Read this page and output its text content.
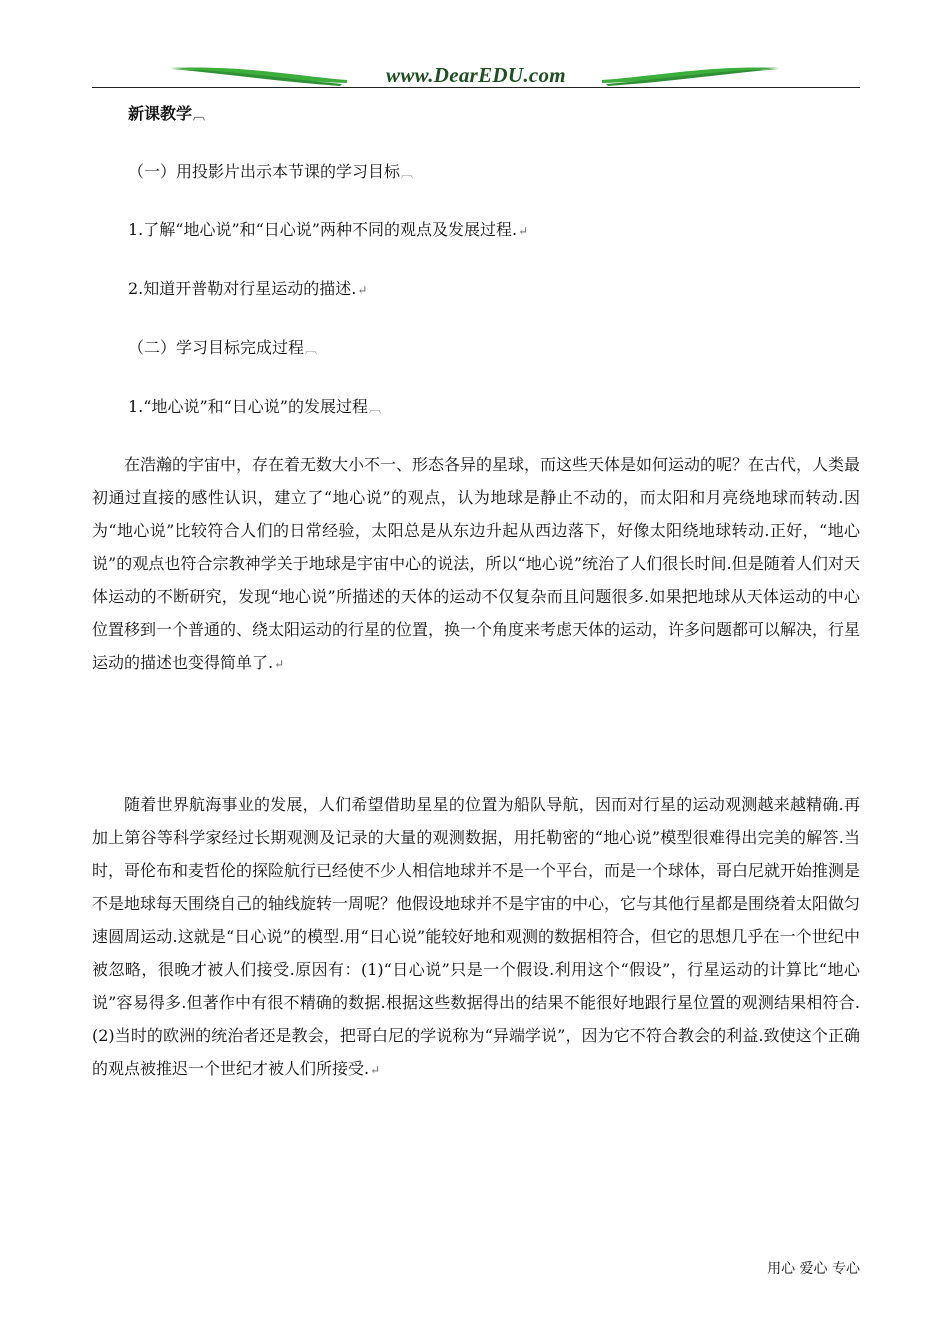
www.DearEDU.com
新课教学︹
（一）用投影片出示本节课的学习目标︹
1.了解“地心说”和“日心说”两种不同的观点及发展过程.↵
2.知道开普勒对行星运动的描述.↵
（二）学习目标完成过程︹
1.“地心说”和“日心说”的发展过程︹

在浩瀚的宇宙中，存在着无数大小不一、形态各异的星球，而这些天体是如何运动的呢？在古代，人类最初通过直接的感性认识，建立了“地心说”的观点，认为地球是静止不动的，而太阳和月亮绕地球而转动.因为“地心说”比较符合人们的日常经验，太阳总是从东边升起从西边落下，好像太阳绕地球转动.正好，“地心说”的观点也符合宗教神学关于地球是宇宙中心的说法，所以“地心说”统治了人们很长时间.但是随着人们对天体运动的不断研究，发现“地心说”所描述的天体的运动不仅复杂而且问题很多.如果把地球从天体运动的中心位置移到一个普通的、绕太阳运动的行星的位置，换一个角度来考虑天体的运动，许多问题都可以解决，行星运动的描述也变得简单了.↵

随着世界航海事业的发展，人们希望借助星星的位置为船队导航，因而对行星的运动观测越来越精确.再加上第谷等科学家经过长期观测及记录的大量的观测数据，用托勒密的“地心说”模型很难得出完美的解答.当时，哥伦布和麦哲伦的探险航行已经使不少人相信地球并不是一个平台，而是一个球体，哥白尼就开始推测是不是地球每天围绕自己的轴线旋转一周呢？他假设地球并不是宇宙的中心，它与其他行星都是围绕着太阳做匀速圆周运动.这就是“日心说”的模型.用“日心说”能较好地和观测的数据相符合，但它的思想几乎在一个世纪中被忽略，很晚才被人们接受.原因有：(1)“日心说”只是一个假设.利用这个“假设”，行星运动的计算比“地心说”容易得多.但著作中有很不精确的数据.根据这些数据得出的结果不能很好地跟行星位置的观测结果相符合.(2)当时的欧洲的统治者还是教会，把哥白尼的学说称为“异端学说”，因为它不符合教会的利益.致使这个正确的观点被推迟一个世纪才被人们所接受.↵

用心 爱心 专心
